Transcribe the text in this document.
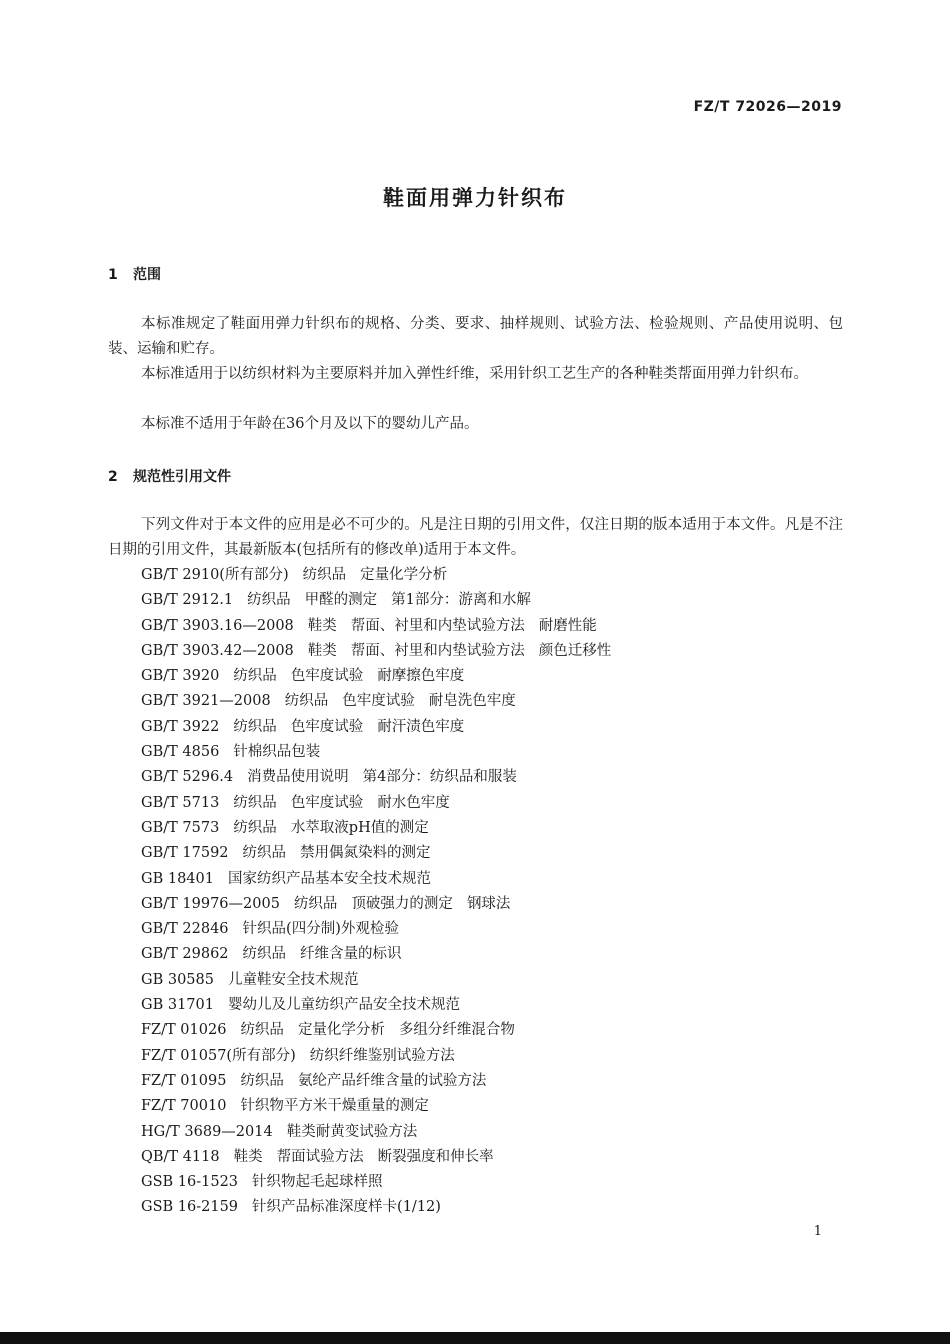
FZ/T 72026—2019
鞋面用弹力针织布
1 范围

本标准规定了鞋面用弹力针织布的规格、分类、要求、抽样规则、试验方法、检验规则、产品使用说明、包装、运输和贮存。

本标准适用于以纺织材料为主要原料并加入弹性纤维，采用针织工艺生产的各种鞋类帮面用弹力针织布。

本标准不适用于年龄在36个月及以下的婴幼儿产品。

2 规范性引用文件

下列文件对于本文件的应用是必不可少的。凡是注日期的引用文件，仅注日期的版本适用于本文件。凡是不注日期的引用文件，其最新版本(包括所有的修改单)适用于本文件。

GB/T 2910(所有部分) 纺织品 定量化学分析
GB/T 2912.1 纺织品 甲醛的测定 第1部分：游离和水解
GB/T 3903.16—2008 鞋类 帮面、衬里和内垫试验方法 耐磨性能
GB/T 3903.42—2008 鞋类 帮面、衬里和内垫试验方法 颜色迁移性
GB/T 3920 纺织品 色牢度试验 耐摩擦色牢度
GB/T 3921—2008 纺织品 色牢度试验 耐皂洗色牢度
GB/T 3922 纺织品 色牢度试验 耐汗渍色牢度
GB/T 4856 针棉织品包装
GB/T 5296.4 消费品使用说明 第4部分：纺织品和服装
GB/T 5713 纺织品 色牢度试验 耐水色牢度
GB/T 7573 纺织品 水萃取液pH值的测定
GB/T 17592 纺织品 禁用偶氮染料的测定
GB 18401 国家纺织产品基本安全技术规范
GB/T 19976—2005 纺织品 顶破强力的测定 钢球法
GB/T 22846 针织品(四分制)外观检验
GB/T 29862 纺织品 纤维含量的标识
GB 30585 儿童鞋安全技术规范
GB 31701 婴幼儿及儿童纺织产品安全技术规范
FZ/T 01026 纺织品 定量化学分析 多组分纤维混合物
FZ/T 01057(所有部分) 纺织纤维鉴别试验方法
FZ/T 01095 纺织品 氨纶产品纤维含量的试验方法
FZ/T 70010 针织物平方米干燥重量的测定
HG/T 3689—2014 鞋类耐黄变试验方法
QB/T 4118 鞋类 帮面试验方法 断裂强度和伸长率
GSB 16-1523 针织物起毛起球样照
GSB 16-2159 针织产品标准深度样卡(1/12)
1
